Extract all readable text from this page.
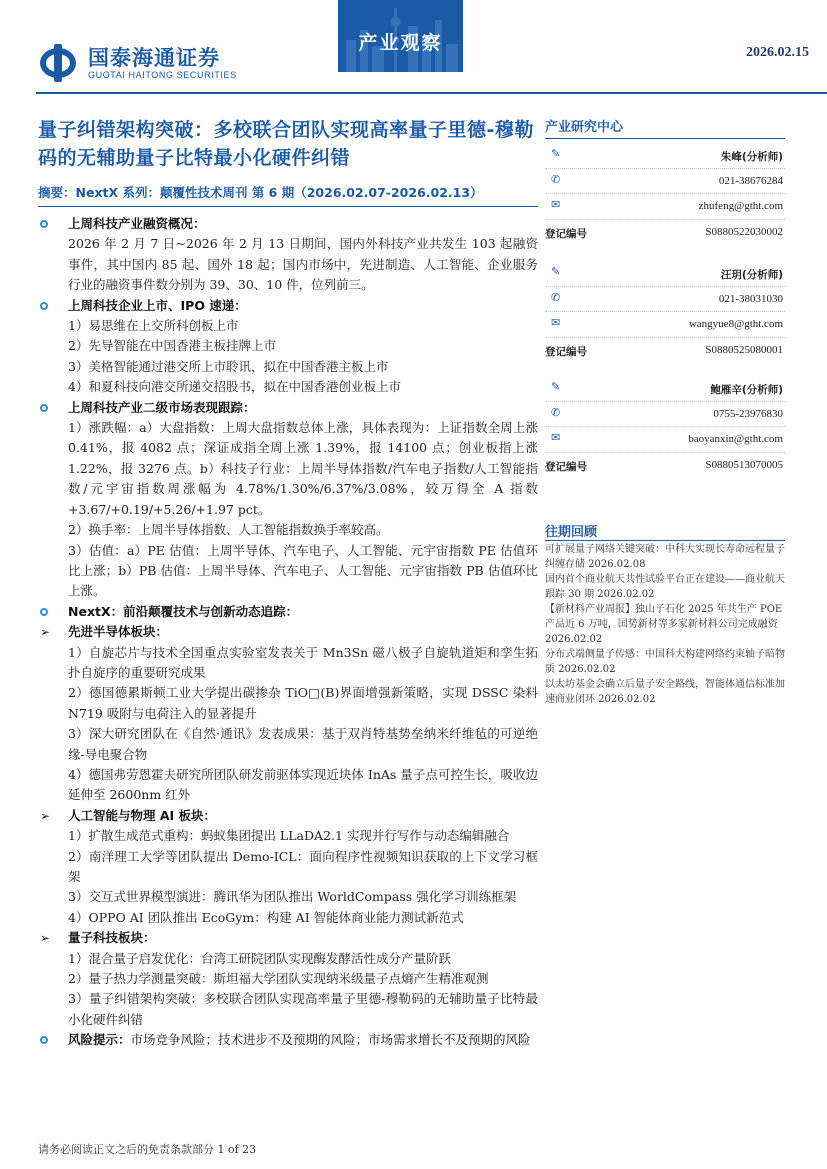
国泰海通证券
GUOTAI HAITONG SECURITIES
产业观察	2026.02.15
量子纠错架构突破：多校联合团队实现高率量子里德-穆勒码的无辅助量子比特最小化硬件纠错
摘要：NextX 系列：颠覆性技术周刊 第 6 期（2026.02.07-2026.02.13）
上周科技产业融资概况：
2026 年 2 月 7 日~2026 年 2 月 13 日期间，国内外科技产业共发生 103 起融资事件，其中国内 85 起、国外 18 起；国内市场中，先进制造、人工智能、企业服务行业的融资事件数分别为 39、30、10 件，位列前三。
上周科技企业上市、IPO 速递：
1）易思维在上交所科创板上市
2）先导智能在中国香港主板挂牌上市
3）美格智能通过港交所上市聆讯，拟在中国香港主板上市
4）和夏科技向港交所递交招股书，拟在中国香港创业板上市
上周科技产业二级市场表现跟踪：
1）涨跌幅：a）大盘指数：上周大盘指数总体上涨，具体表现为：上证指数全周上涨 0.41%，报 4082 点；深证成指全周上涨 1.39%，报 14100 点；创业板指上涨 1.22%，报 3276 点。b）科技子行业：上周半导体指数/汽车电子指数/人工智能指数/元宇宙指数周涨幅为 4.78%/1.30%/6.37%/3.08%，较万得全 A 指数+3.67/+0.19/+5.26/+1.97 pct。
2）换手率：上周半导体指数、人工智能指数换手率较高。
3）估值：a）PE 估值：上周半导体、汽车电子、人工智能、元宇宙指数 PE 估值环比上涨；b）PB 估值：上周半导体、汽车电子、人工智能、元宇宙指数 PB 估值环比上涨。
NextX：前沿颠覆技术与创新动态追踪：
➢ 先进半导体板块：
1）自旋芯片与技术全国重点实验室发表关于 Mn3Sn 磁八极子自旋轨道矩和孪生拓扑自旋序的重要研究成果
2）德国德累斯顿工业大学提出碳掺杂 TiO□(B)界面增强新策略，实现 DSSC 染料 N719 吸附与电荷注入的显著提升
3）深大研究团队在《自然·通讯》发表成果：基于双肖特基势垒纳米纤维毡的可逆绝缘-导电聚合物
4）德国弗劳恩霍夫研究所团队研发前驱体实现近块体 InAs 量子点可控生长，吸收边延伸至 2600nm 红外
➢ 人工智能与物理 AI 板块：
1）扩散生成范式重构：蚂蚁集团提出 LLaDA2.1 实现并行写作与动态编辑融合
2）南洋理工大学等团队提出 Demo-ICL：面向程序性视频知识获取的上下文学习框架
3）交互式世界模型演进：腾讯华为团队推出 WorldCompass 强化学习训练框架
4）OPPO AI 团队推出 EcoGym：构建 AI 智能体商业能力测试新范式
➢ 量子科技板块：
1）混合量子启发优化：台湾工研院团队实现酶发酵活性成分产量阶跃
2）量子热力学测量突破：斯坦福大学团队实现纳米级量子点熵产生精准观测
3）量子纠错架构突破：多校联合团队实现高率量子里德-穆勒码的无辅助量子比特最小化硬件纠错
风险提示：市场竞争风险；技术进步不及预期的风险；市场需求增长不及预期的风险
产业研究中心
✎	朱峰(分析师)
✆	021-38676284
✉	zhufeng@gtht.com
登记编号	S0880522030002
✎	汪玥(分析师)
✆	021-38031030
✉	wangyue8@gtht.com
登记编号	S0880525080001
✎	鲍雁辛(分析师)
✆	0755-23976830
✉	baoyanxin@gtht.com
登记编号	S0880513070005
往期回顾
可扩展量子网络关键突破：中科大实现长寿命远程量子纠缠存储 2026.02.08
国内首个商业航天共性试验平台正在建设——商业航天跟踪 30 期 2026.02.02
【新材料产业周报】独山子石化 2025 年共生产 POE 产品近 6 万吨，国势新材等多家新材料公司完成融资 2026.02.02
分布式端侧量子传感：中国科大构建网络约束轴子暗物质 2026.02.02
以太坊基金会确立后量子安全路线，智能体通信标准加速商业闭环 2026.02.02
请务必阅读正文之后的免责条款部分 1 of 23
